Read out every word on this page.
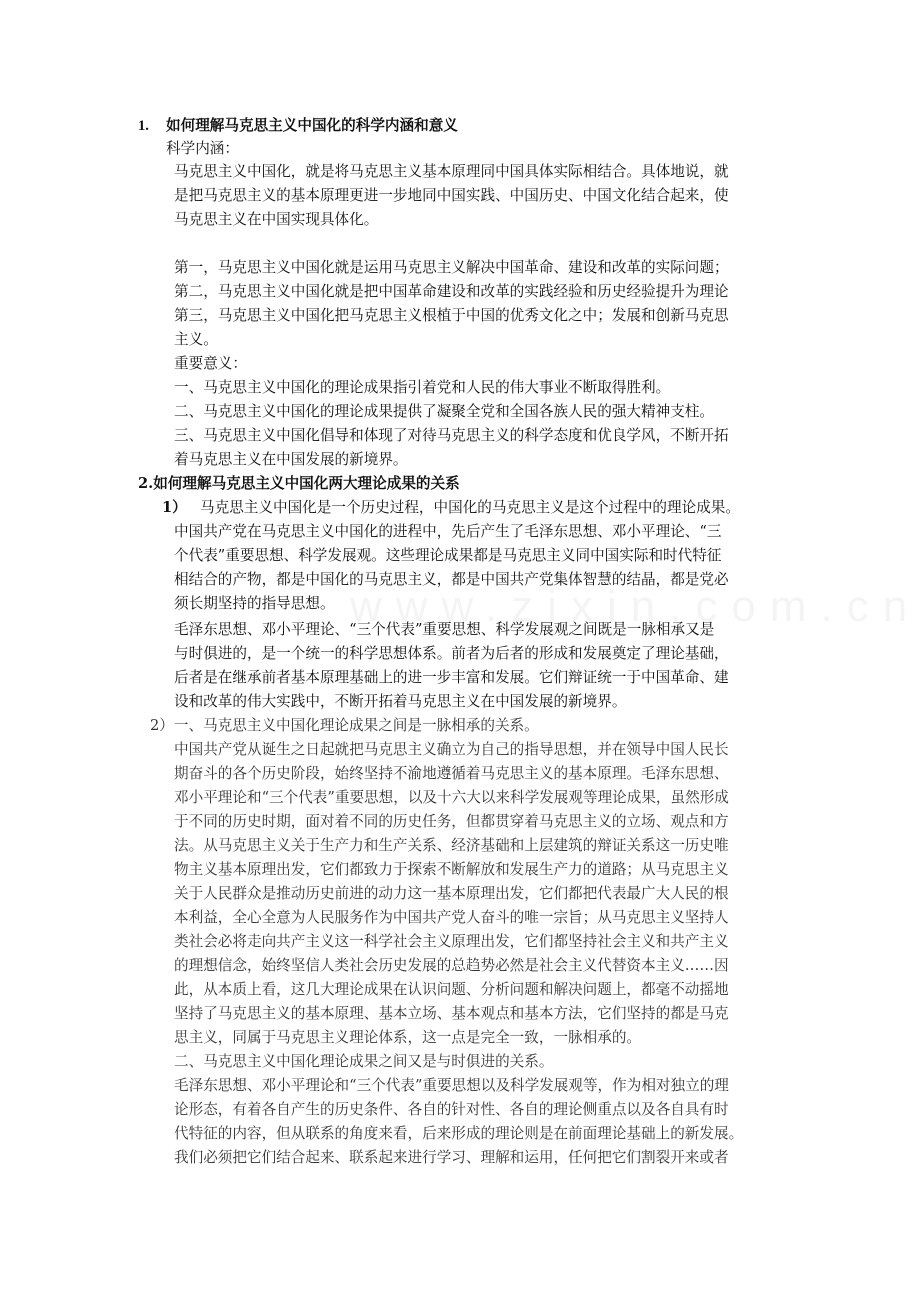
1. 如何理解马克思主义中国化的科学内涵和意义
科学内涵：
马克思主义中国化，就是将马克思主义基本原理同中国具体实际相结合。具体地说，就
是把马克思主义的基本原理更进一步地同中国实践、中国历史、中国文化结合起来，使
马克思主义在中国实现具体化。
第一，马克思主义中国化就是运用马克思主义解决中国革命、建设和改革的实际问题；
第二，马克思主义中国化就是把中国革命建设和改革的实践经验和历史经验提升为理论
第三，马克思主义中国化把马克思主义根植于中国的优秀文化之中；发展和创新马克思
主义。
重要意义：
一、马克思主义中国化的理论成果指引着党和人民的伟大事业不断取得胜利。
二、马克思主义中国化的理论成果提供了凝聚全党和全国各族人民的强大精神支柱。
三、马克思主义中国化倡导和体现了对待马克思主义的科学态度和优良学风，不断开拓
着马克思主义在中国发展的新境界。
2.如何理解马克思主义中国化两大理论成果的关系
1） 马克思主义中国化是一个历史过程，中国化的马克思主义是这个过程中的理论成果。
中国共产党在马克思主义中国化的进程中，先后产生了毛泽东思想、邓小平理论、“三
个代表”重要思想、科学发展观。这些理论成果都是马克思主义同中国实际和时代特征
相结合的产物，都是中国化的马克思主义，都是中国共产党集体智慧的结晶，都是党必
须长期坚持的指导思想。
毛泽东思想、邓小平理论、“三个代表”重要思想、科学发展观之间既是一脉相承又是
与时俱进的，是一个统一的科学思想体系。前者为后者的形成和发展奠定了理论基础，
后者是在继承前者基本原理基础上的进一步丰富和发展。它们辩证统一于中国革命、建
设和改革的伟大实践中，不断开拓着马克思主义在中国发展的新境界。
2）一、马克思主义中国化理论成果之间是一脉相承的关系。
中国共产党从诞生之日起就把马克思主义确立为自己的指导思想，并在领导中国人民长
期奋斗的各个历史阶段，始终坚持不渝地遵循着马克思主义的基本原理。毛泽东思想、
邓小平理论和“三个代表”重要思想，以及十六大以来科学发展观等理论成果，虽然形成
于不同的历史时期，面对着不同的历史任务，但都贯穿着马克思主义的立场、观点和方
法。从马克思主义关于生产力和生产关系、经济基础和上层建筑的辩证关系这一历史唯
物主义基本原理出发，它们都致力于探索不断解放和发展生产力的道路；从马克思主义
关于人民群众是推动历史前进的动力这一基本原理出发，它们都把代表最广大人民的根
本利益，全心全意为人民服务作为中国共产党人奋斗的唯一宗旨；从马克思主义坚持人
类社会必将走向共产主义这一科学社会主义原理出发，它们都坚持社会主义和共产主义
的理想信念，始终坚信人类社会历史发展的总趋势必然是社会主义代替资本主义……因
此，从本质上看，这几大理论成果在认识问题、分析问题和解决问题上，都毫不动摇地
坚持了马克思主义的基本原理、基本立场、基本观点和基本方法，它们坚持的都是马克
思主义，同属于马克思主义理论体系，这一点是完全一致，一脉相承的。
二、马克思主义中国化理论成果之间又是与时俱进的关系。
毛泽东思想、邓小平理论和“三个代表”重要思想以及科学发展观等，作为相对独立的理
论形态，有着各自产生的历史条件、各自的针对性、各自的理论侧重点以及各自具有时
代特征的内容，但从联系的角度来看，后来形成的理论则是在前面理论基础上的新发展。
我们必须把它们结合起来、联系起来进行学习、理解和运用，任何把它们割裂开来或者
